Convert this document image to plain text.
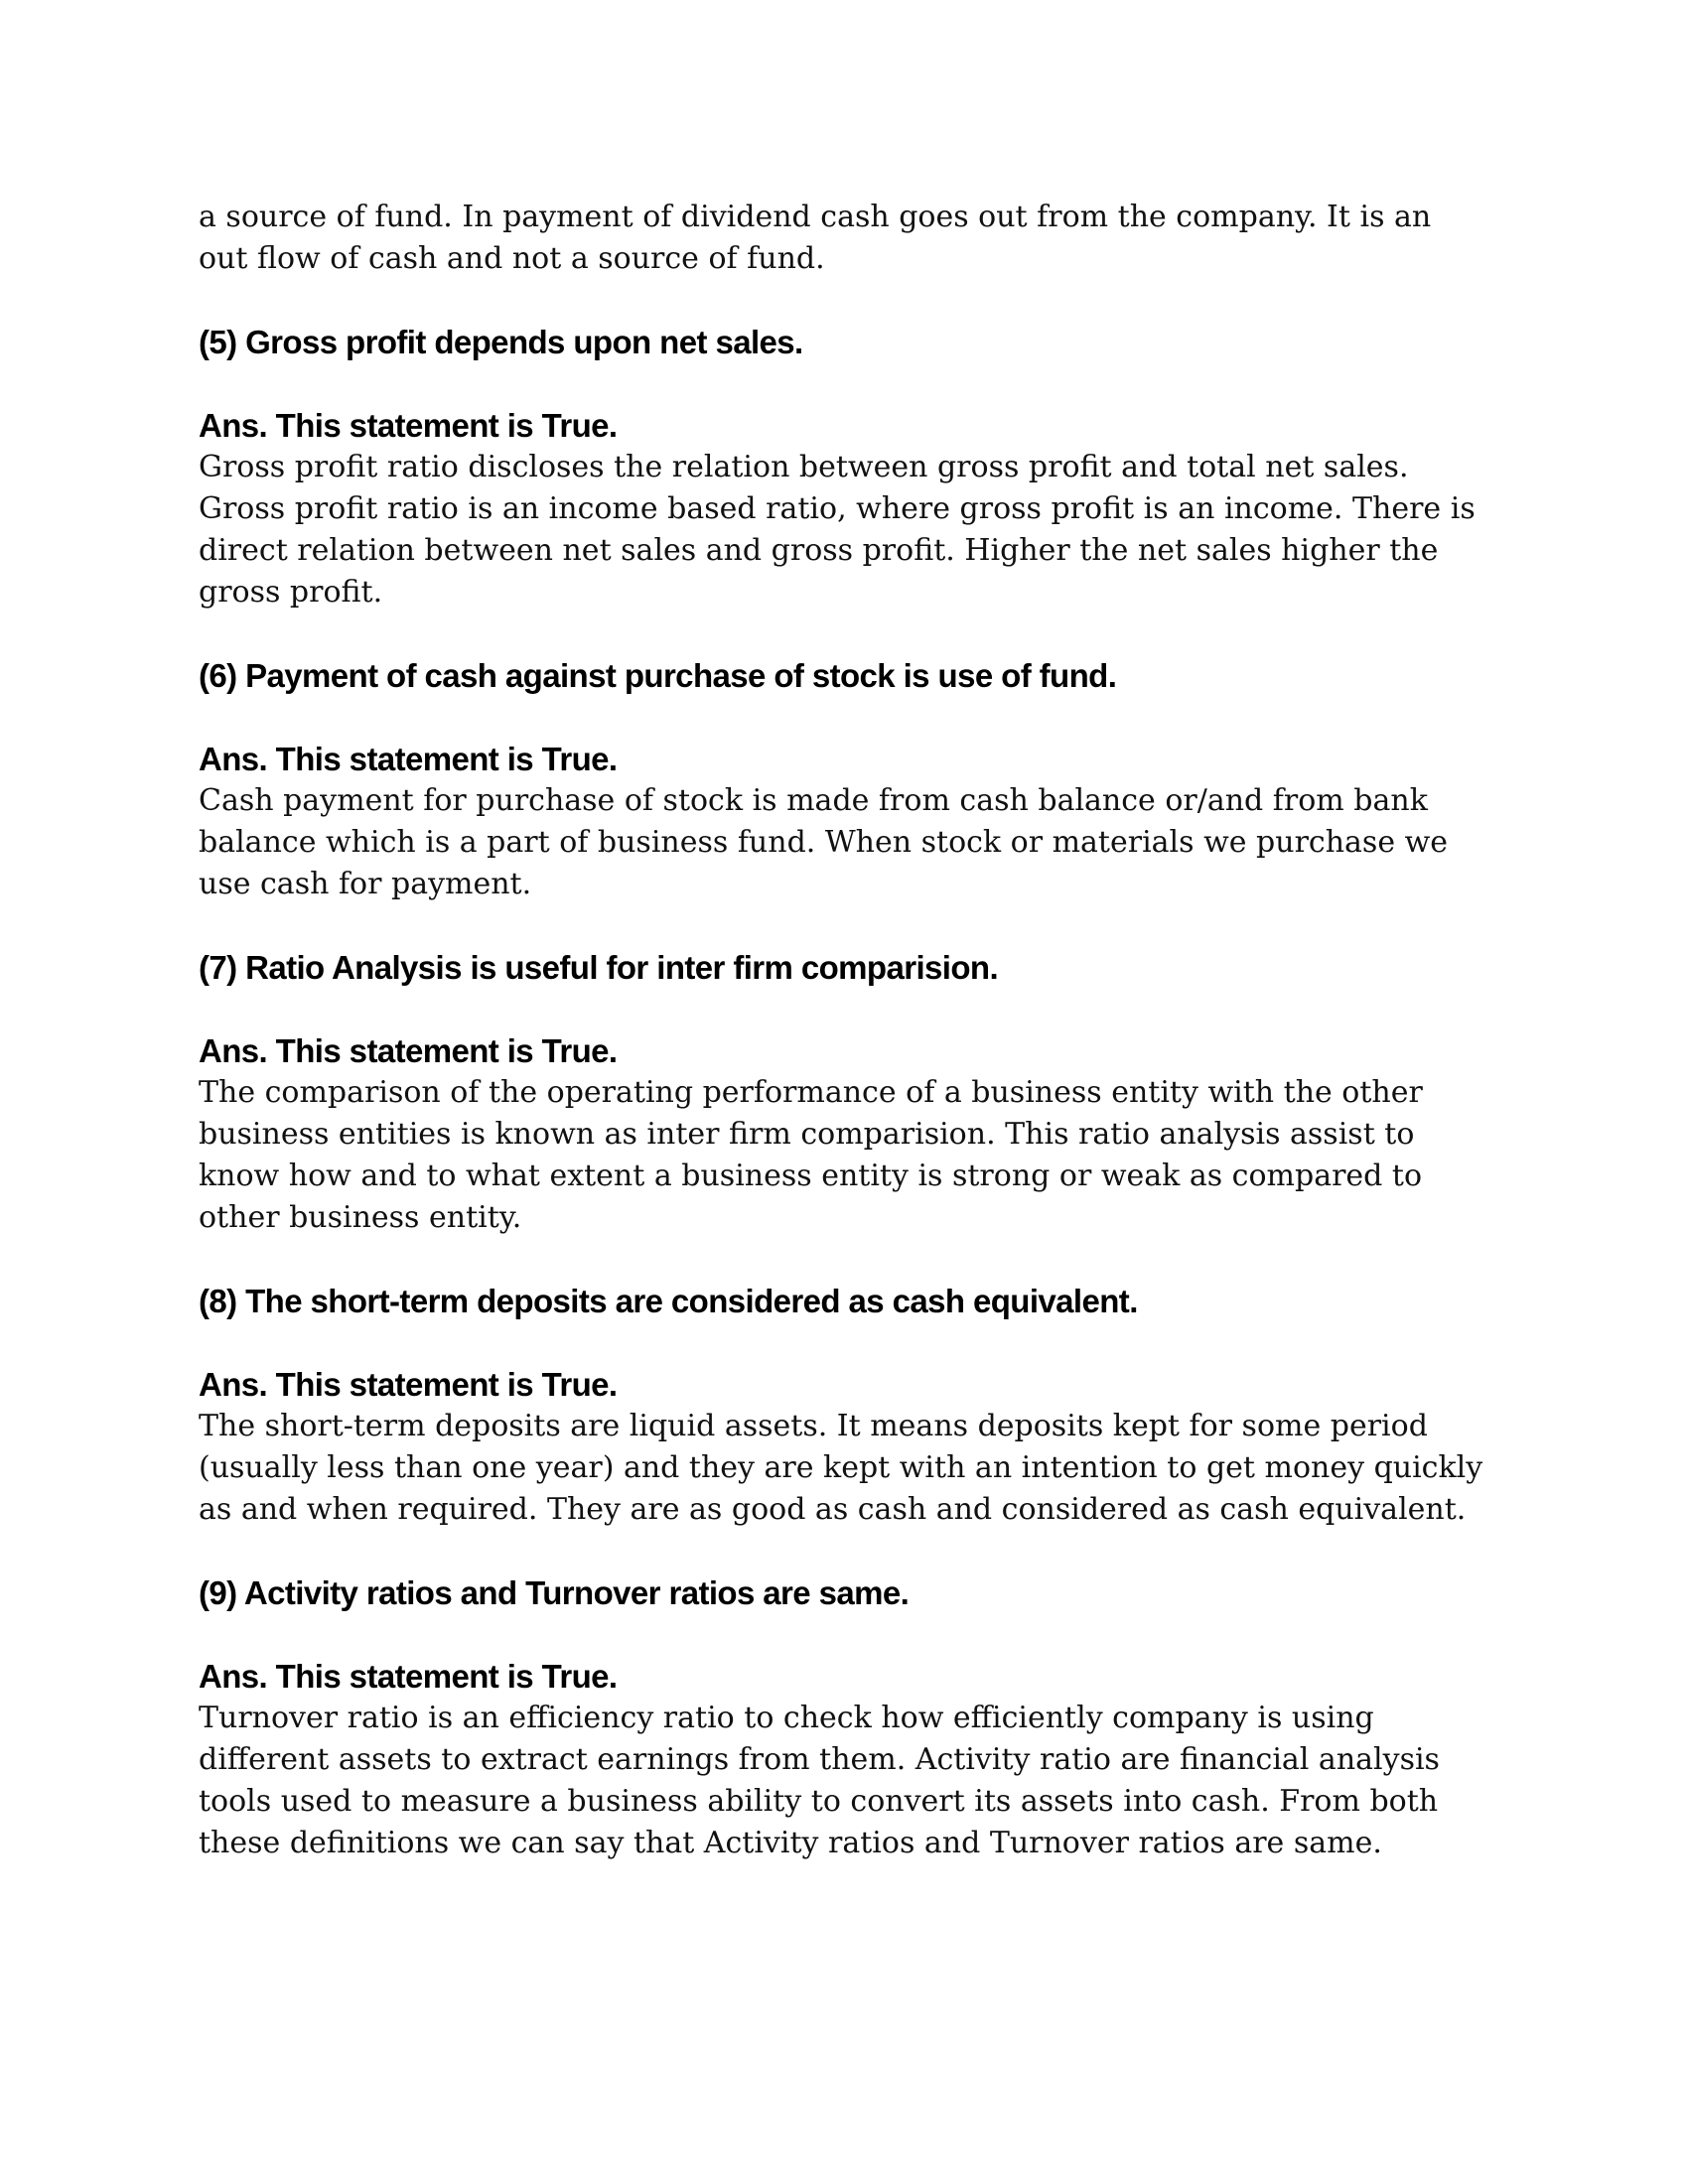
a source of fund. In payment of dividend cash goes out from the company. It is an out flow of cash and not a source of fund.

(5) Gross profit depends upon net sales.

Ans. This statement is True.

Gross profit ratio discloses the relation between gross profit and total net sales. Gross profit ratio is an income based ratio, where gross profit is an income. There is direct relation between net sales and gross profit. Higher the net sales higher the gross profit.

(6) Payment of cash against purchase of stock is use of fund.

Ans. This statement is True.

Cash payment for purchase of stock is made from cash balance or/and from bank balance which is a part of business fund. When stock or materials we purchase we use cash for payment.

(7) Ratio Analysis is useful for inter firm comparision.

Ans. This statement is True.

The comparison of the operating performance of a business entity with the other business entities is known as inter firm comparision. This ratio analysis assist to know how and to what extent a business entity is strong or weak as compared to other business entity.

(8) The short-term deposits are considered as cash equivalent.

Ans. This statement is True.

The short-term deposits are liquid assets. It means deposits kept for some period (usually less than one year) and they are kept with an intention to get money quickly as and when required. They are as good as cash and considered as cash equivalent.

(9) Activity ratios and Turnover ratios are same.

Ans. This statement is True.

Turnover ratio is an efficiency ratio to check how efficiently company is using different assets to extract earnings from them. Activity ratio are financial analysis tools used to measure a business ability to convert its assets into cash. From both these definitions we can say that Activity ratios and Turnover ratios are same.
